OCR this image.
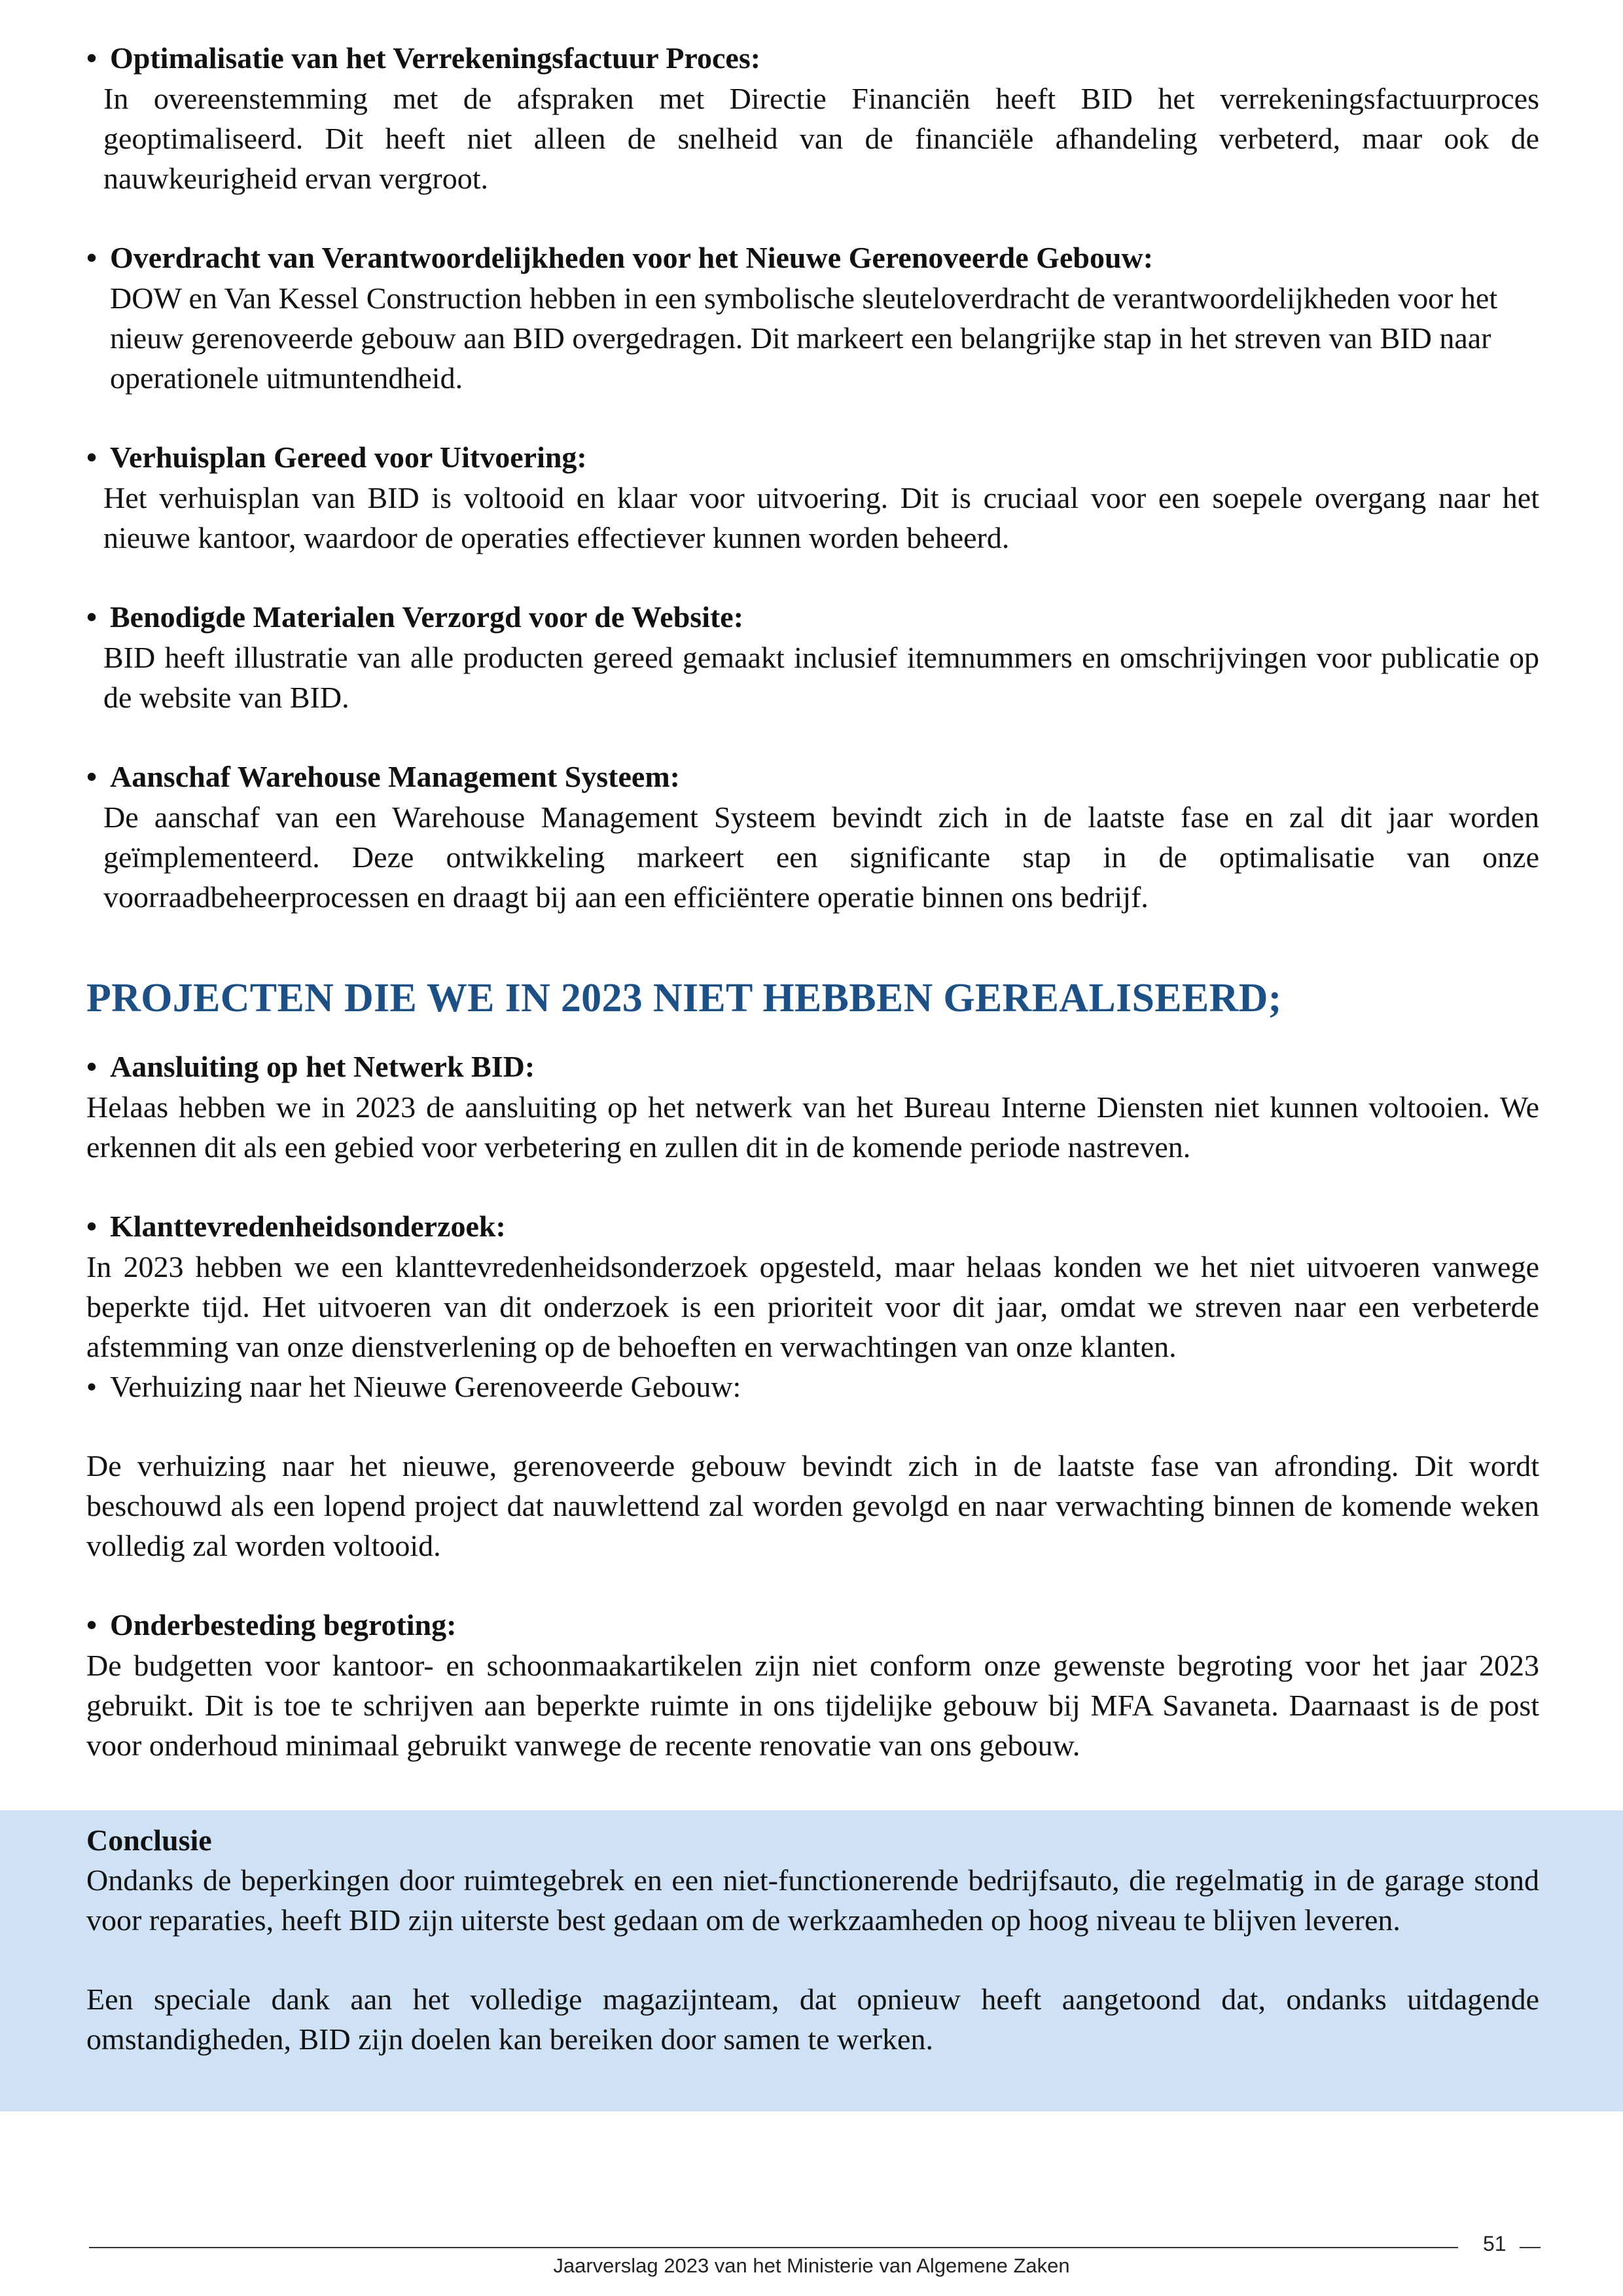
• Optimalisatie van het Verrekeningsfactuur Proces:

In overeenstemming met de afspraken met Directie Financiën heeft BID het verrekeningsfactuurproces geoptimaliseerd. Dit heeft niet alleen de snelheid van de financiële afhandeling verbeterd, maar ook de nauwkeurigheid ervan vergroot.

• Overdracht van Verantwoordelijkheden voor het Nieuwe Gerenoveerde Gebouw:

DOW en Van Kessel Construction hebben in een symbolische sleuteloverdracht de verantwoordelijkheden voor het nieuw gerenoveerde gebouw aan BID overgedragen. Dit markeert een belangrijke stap in het streven van BID naar operationele uitmuntendheid.

• Verhuisplan Gereed voor Uitvoering:

Het verhuisplan van BID is voltooid en klaar voor uitvoering. Dit is cruciaal voor een soepele overgang naar het nieuwe kantoor, waardoor de operaties effectiever kunnen worden beheerd.

• Benodigde Materialen Verzorgd voor de Website:

BID heeft illustratie van alle producten gereed gemaakt inclusief itemnummers en omschrijvingen voor publicatie op de website van BID.

• Aanschaf Warehouse Management Systeem:

De aanschaf van een Warehouse Management Systeem bevindt zich in de laatste fase en zal dit jaar worden geïmplementeerd. Deze ontwikkeling markeert een significante stap in de optimalisatie van onze voorraadbeheerprocessen en draagt bij aan een efficiëntere operatie binnen ons bedrijf.

PROJECTEN DIE WE IN 2023 NIET HEBBEN GEREALISEERD;
• Aansluiting op het Netwerk BID:

Helaas hebben we in 2023 de aansluiting op het netwerk van het Bureau Interne Diensten niet kunnen voltooien. We erkennen dit als een gebied voor verbetering en zullen dit in de komende periode nastreven.

• Klanttevredenheidsonderzoek:

In 2023 hebben we een klanttevredenheidsonderzoek opgesteld, maar helaas konden we het niet uitvoeren vanwege beperkte tijd. Het uitvoeren van dit onderzoek is een prioriteit voor dit jaar, omdat we streven naar een verbeterde afstemming van onze dienstverlening op de behoeften en verwachtingen van onze klanten.

• Verhuizing naar het Nieuwe Gerenoveerde Gebouw:

De verhuizing naar het nieuwe, gerenoveerde gebouw bevindt zich in de laatste fase van afronding. Dit wordt beschouwd als een lopend project dat nauwlettend zal worden gevolgd en naar verwachting binnen de komende weken volledig zal worden voltooid.

• Onderbesteding begroting:

De budgetten voor kantoor- en schoonmaakartikelen zijn niet conform onze gewenste begroting voor het jaar 2023 gebruikt. Dit is toe te schrijven aan beperkte ruimte in ons tijdelijke gebouw bij MFA Savaneta. Daarnaast is de post voor onderhoud minimaal gebruikt vanwege de recente renovatie van ons gebouw.

Conclusie

Ondanks de beperkingen door ruimtegebrek en een niet-functionerende bedrijfsauto, die regelmatig in de garage stond voor reparaties, heeft BID zijn uiterste best gedaan om de werkzaamheden op hoog niveau te blijven leveren.

Een speciale dank aan het volledige magazijnteam, dat opnieuw heeft aangetoond dat, ondanks uitdagende omstandigheden, BID zijn doelen kan bereiken door samen te werken.

51
Jaarverslag 2023 van het Ministerie van Algemene Zaken
